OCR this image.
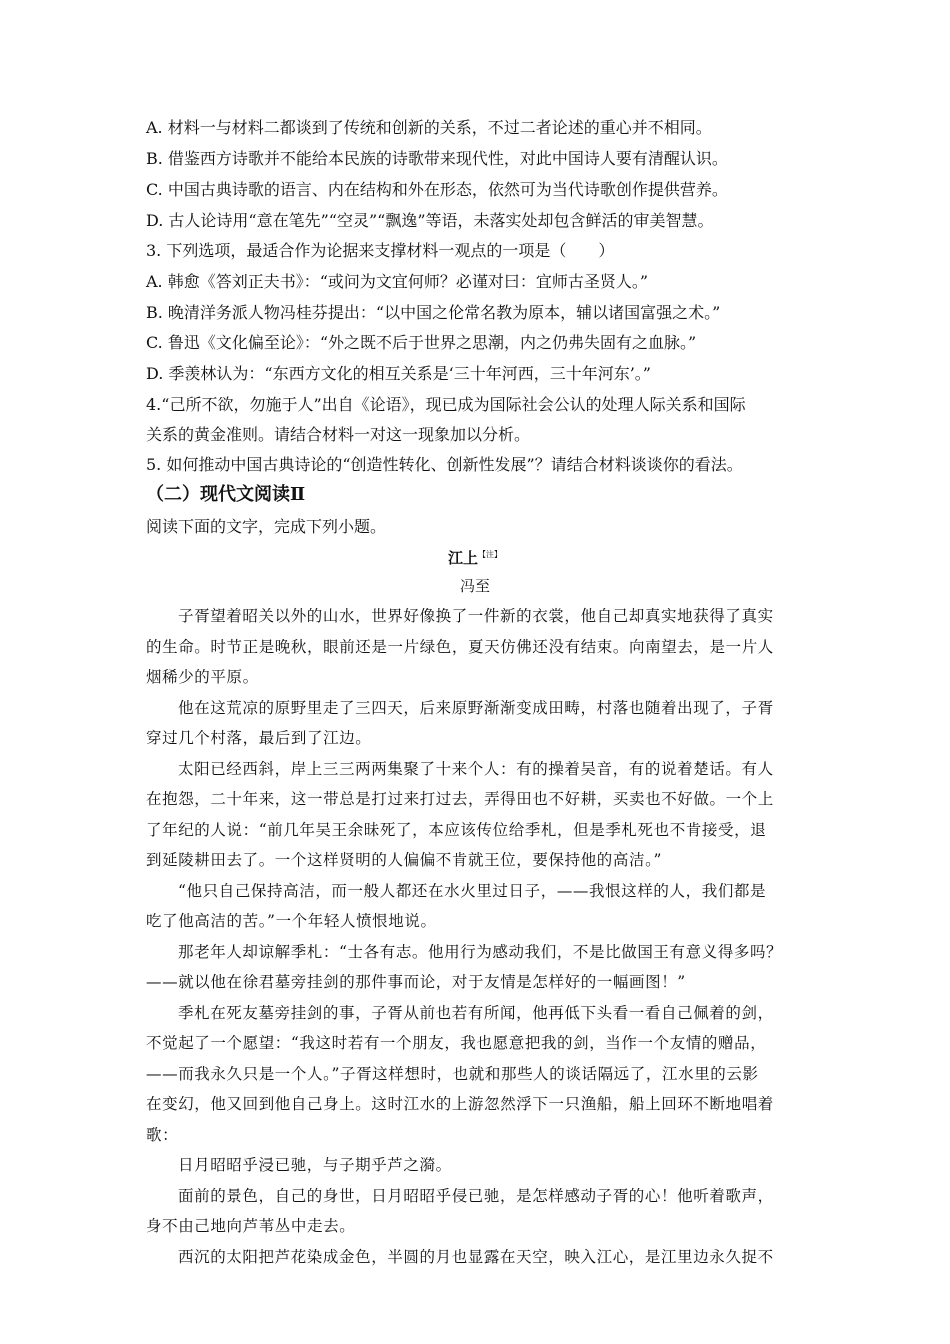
A. 材料一与材料二都谈到了传统和创新的关系，不过二者论述的重心并不相同。
B. 借鉴西方诗歌并不能给本民族的诗歌带来现代性，对此中国诗人要有清醒认识。
C. 中国古典诗歌的语言、内在结构和外在形态，依然可为当代诗歌创作提供营养。
D. 古人论诗用“意在笔先”“空灵”“飘逸”等语，未落实处却包含鲜活的审美智慧。
3. 下列选项，最适合作为论据来支撑材料一观点的一项是（　　）
A. 韩愈《答刘正夫书》：“或问为文宜何师？必谨对曰：宜师古圣贤人。”
B. 晚清洋务派人物冯桂芬提出：“以中国之伦常名教为原本，辅以诸国富强之术。”
C. 鲁迅《文化偏至论》：“外之既不后于世界之思潮，内之仍弗失固有之血脉。”
D. 季羡林认为：“东西方文化的相互关系是‘三十年河西，三十年河东’。”
4.“己所不欲，勿施于人”出自《论语》，现已成为国际社会公认的处理人际关系和国际
关系的黄金准则。请结合材料一对这一现象加以分析。
5. 如何推动中国古典诗论的“创造性转化、创新性发展”？请结合材料谈谈你的看法。
（二）现代文阅读Ⅱ
阅读下面的文字，完成下列小题。
江上$^{【注】}$
冯至
子胥望着昭关以外的山水，世界好像换了一件新的衣裳，他自己却真实地获得了真实
的生命。时节正是晚秋，眼前还是一片绿色，夏天仿佛还没有结束。向南望去，是一片人
烟稀少的平原。
他在这荒凉的原野里走了三四天，后来原野渐渐变成田畴，村落也随着出现了，子胥
穿过几个村落，最后到了江边。
太阳已经西斜，岸上三三两两集聚了十来个人：有的操着吴音，有的说着楚话。有人
在抱怨，二十年来，这一带总是打过来打过去，弄得田也不好耕，买卖也不好做。一个上
了年纪的人说：“前几年吴王余昧死了，本应该传位给季札，但是季札死也不肯接受，退
到延陵耕田去了。一个这样贤明的人偏偏不肯就王位，要保持他的高洁。”
“他只自己保持高洁，而一般人都还在水火里过日子，——我恨这样的人，我们都是
吃了他高洁的苦。”一个年轻人愤恨地说。
那老年人却谅解季札：“士各有志。他用行为感动我们，不是比做国王有意义得多吗？
——就以他在徐君墓旁挂剑的那件事而论，对于友情是怎样好的一幅画图！”
季札在死友墓旁挂剑的事，子胥从前也若有所闻，他再低下头看一看自己佩着的剑，
不觉起了一个愿望：“我这时若有一个朋友，我也愿意把我的剑，当作一个友情的赠品，
——而我永久只是一个人。”子胥这样想时，也就和那些人的谈话隔远了，江水里的云影
在变幻，他又回到他自己身上。这时江水的上游忽然浮下一只渔船，船上回环不断地唱着
歌：
日月昭昭乎浸已驰，与子期乎芦之漪。
面前的景色，自己的身世，日月昭昭乎侵已驰，是怎样感动子胥的心！他听着歌声，
身不由己地向芦苇丛中走去。
西沉的太阳把芦花染成金色，半圆的月也显露在天空，映入江心，是江里边永久捉不
